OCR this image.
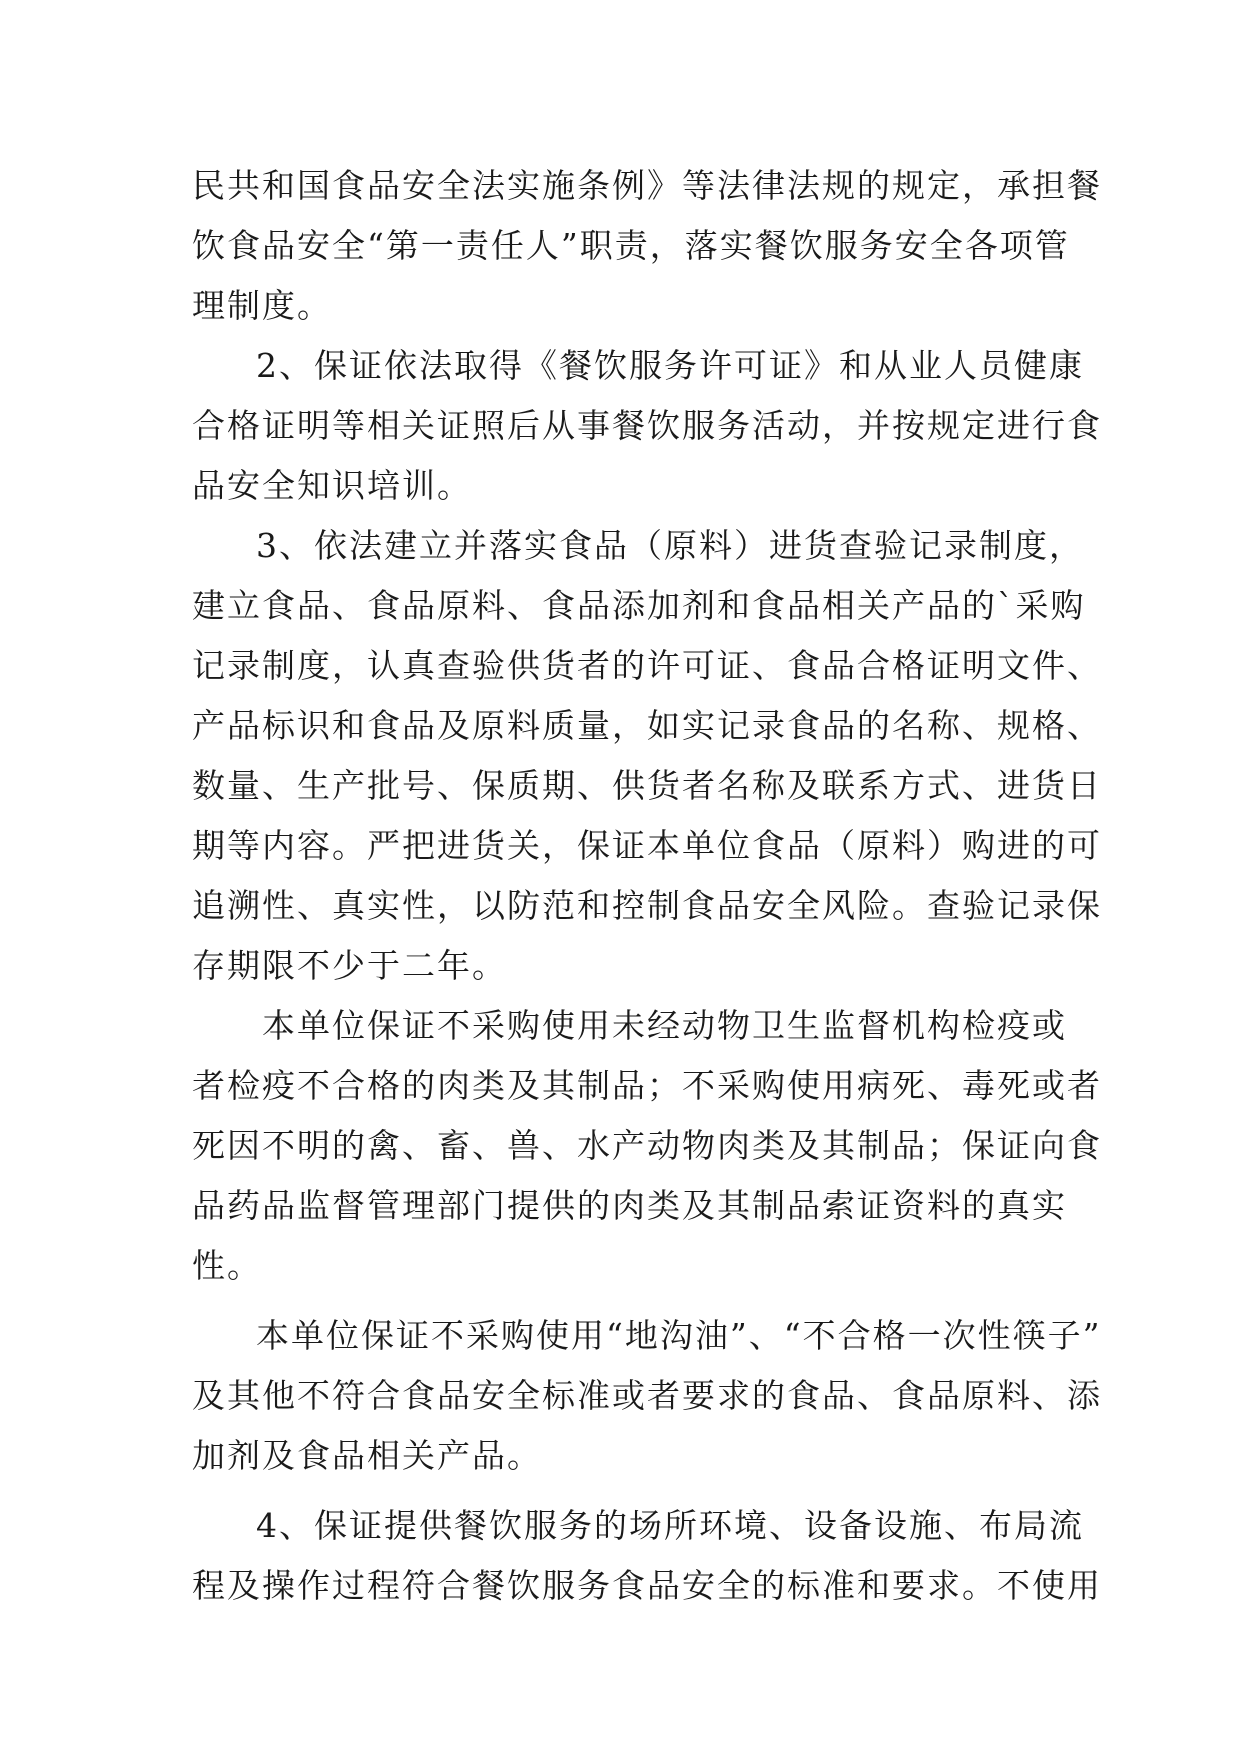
民共和国食品安全法实施条例》等法律法规的规定，承担餐
饮食品安全“第一责任人”职责，落实餐饮服务安全各项管
理制度。
2、保证依法取得《餐饮服务许可证》和从业人员健康
合格证明等相关证照后从事餐饮服务活动，并按规定进行食
品安全知识培训。
3、依法建立并落实食品（原料）进货查验记录制度，
建立食品、食品原料、食品添加剂和食品相关产品的`采购
记录制度，认真查验供货者的许可证、食品合格证明文件、
产品标识和食品及原料质量，如实记录食品的名称、规格、
数量、生产批号、保质期、供货者名称及联系方式、进货日
期等内容。严把进货关，保证本单位食品（原料）购进的可
追溯性、真实性，以防范和控制食品安全风险。查验记录保
存期限不少于二年。
本单位保证不采购使用未经动物卫生监督机构检疫或
者检疫不合格的肉类及其制品；不采购使用病死、毒死或者
死因不明的禽、畜、兽、水产动物肉类及其制品；保证向食
品药品监督管理部门提供的肉类及其制品索证资料的真实
性。
本单位保证不采购使用“地沟油”、“不合格一次性筷子”
及其他不符合食品安全标准或者要求的食品、食品原料、添
加剂及食品相关产品。
4、保证提供餐饮服务的场所环境、设备设施、布局流
程及操作过程符合餐饮服务食品安全的标准和要求。不使用
